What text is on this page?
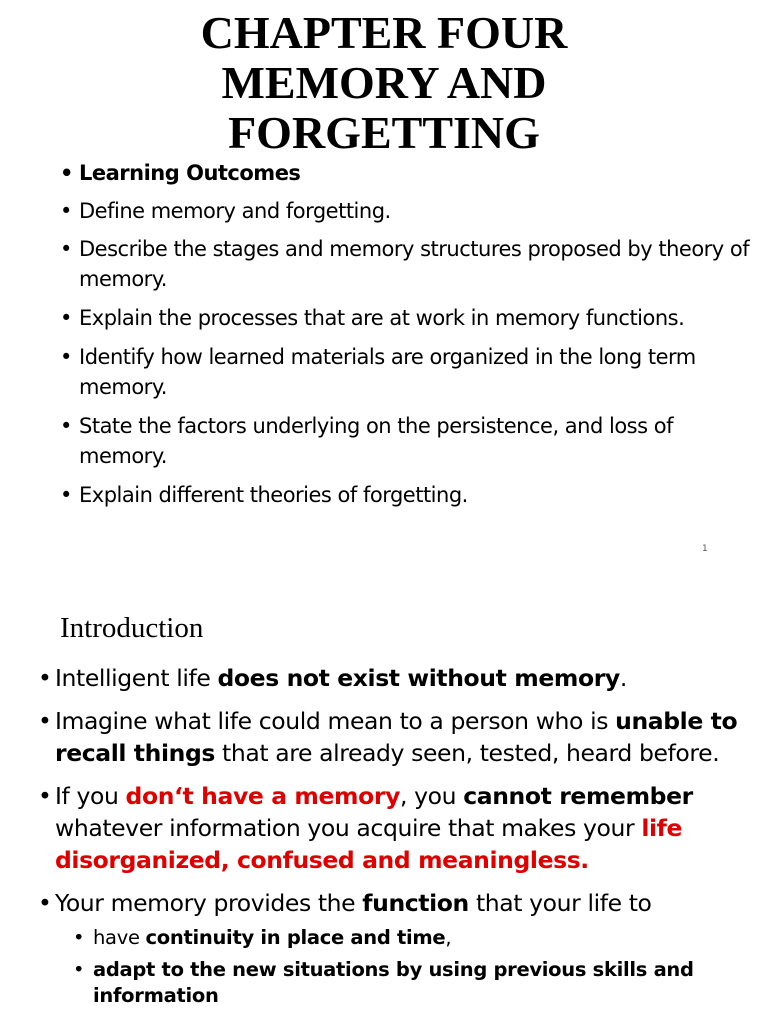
CHAPTER FOUR
MEMORY AND
FORGETTING
• Learning Outcomes
• Define memory and forgetting.
• Describe the stages and memory structures proposed by theory of memory.
• Explain the processes that are at work in memory functions.
• Identify how learned materials are organized in the long term memory.
• State the factors underlying on the persistence, and loss of memory.
• Explain different theories of forgetting.
1
Introduction
• Intelligent life does not exist without memory.
• Imagine what life could mean to a person who is unable to recall things that are already seen, tested, heard before.
• If you don‘t have a memory, you cannot remember whatever information you acquire that makes your life disorganized, confused and meaningless.
• Your memory provides the function that your life to
• have continuity in place and time,
• adapt to the new situations by using previous skills and information
